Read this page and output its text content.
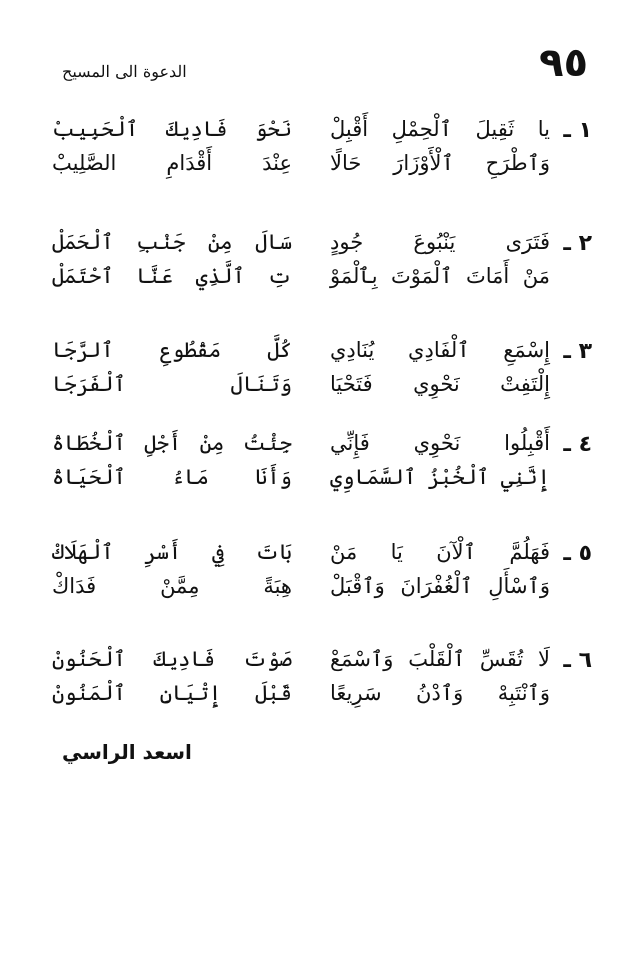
٩٥
الدعوة الى المسيح
١ ـ
يا ثَقِيلَ ٱلْحِمْلِ أَقْبِلْ
نَحْوَ فَادِيكَ ٱلْحَبِيبْ
وَٱطْرَحِ ٱلْأَوْزَارَ حَالًا
عِنْدَ أَقْدَامِ الصَّلِيبْ
٢ ـ
فَتَرَى يَنْبُوعَ جُودٍ
سَالَ مِنْ جَنْبِ ٱلْحَمَلْ
مَنْ أَمَاتَ ٱلْمَوْتَ بِٱلْمَوْ
تِ ٱلَّذِي عَنَّا ٱحْتَمَلْ
٣ ـ
إِسْمَعِ ٱلْفَادِي يُنَادِي
كُلَّ مَقْطُوعِ ٱلرَّجَا
إِلْتَفِتْ نَحْوِي فَتَحْيَا
وَتَنَالَ ٱلْفَرَجَا
٤ ـ
أَقْبِلُوا نَحْوِي فَإِنِّي
جِئْتُ مِنْ أَجْلِ ٱلْخُطَاةْ
إِنَّنِي ٱلْخُبْزُ ٱلسَّمَاوِي
وَأَنَا مَاءُ ٱلْحَيَاةْ
٥ ـ
فَهَلُمَّ ٱلْآنَ يَا مَنْ
بَاتَ فِي أَسْرِ ٱلْهَلَاكْ
وَٱسْأَلِ ٱلْغُفْرَانَ وَٱقْبَلْ
هِبَةً مِمَّنْ فَدَاكْ
٦ ـ
لَا تُقَسِّ ٱلْقَلْبَ وَٱسْمَعْ
صَوْتَ فَادِيكَ ٱلْحَنُونْ
وَٱنْتَبِهْ وَٱدْنُ سَرِيعًا
قَبْلَ إِتْيَانِ ٱلْمَنُونْ
اسعد الراسي
